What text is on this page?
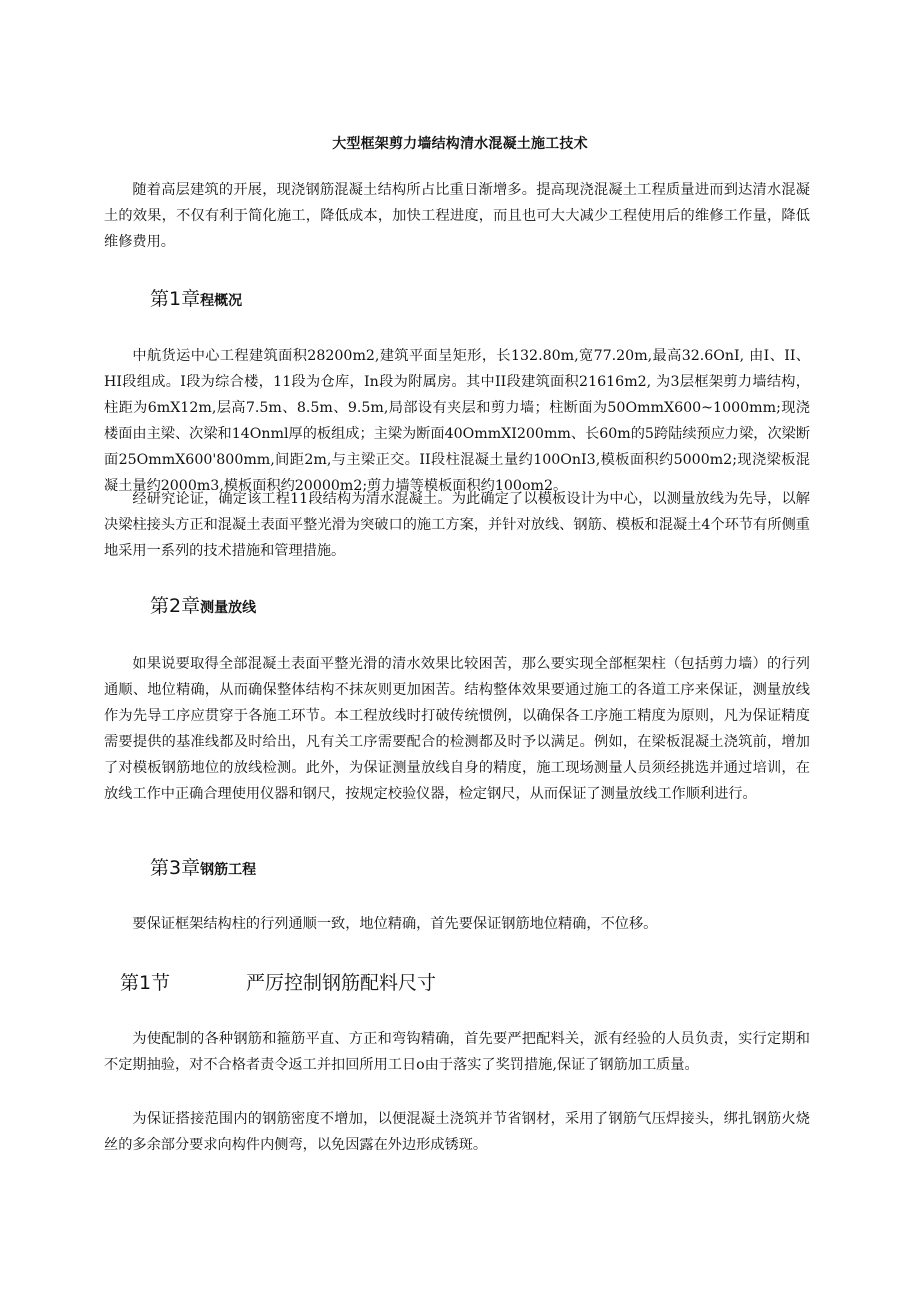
大型框架剪力墙结构清水混凝土施工技术

随着高层建筑的开展，现浇钢筋混凝土结构所占比重日渐增多。提高现浇混凝土工程质量进而到达清水混凝土的效果，不仅有利于简化施工，降低成本，加快工程进度，而且也可大大减少工程使用后的维修工作量，降低维修费用。

第1章程概况

中航货运中心工程建筑面积28200m2,建筑平面呈矩形，长132.80m,宽77.20m,最高32.6OnI, 由I、II、HI段组成。I段为综合楼，11段为仓库，In段为附属房。其中II段建筑面积21616m2, 为3层框架剪力墙结构，柱距为6mX12m,层高7.5m、8.5m、9.5m,局部设有夹层和剪力墙；柱断面为50OmmX600~1000mm;现浇楼面由主梁、次梁和14Onml厚的板组成；主梁为断面40OmmXI200mm、长60m的5跨陆续预应力梁，次梁断面25OmmX600'800mm,间距2m,与主梁正交。II段柱混凝土量约100OnI3,模板面积约5000m2;现浇梁板混凝土量约2000m3,模板面积约20000m2;剪力墙等模板面积约100om2。

经研究论证，确定该工程11段结构为清水混凝土。为此确定了以模板设计为中心，以测量放线为先导，以解决梁柱接头方正和混凝土表面平整光滑为突破口的施工方案，并针对放线、钢筋、模板和混凝土4个环节有所侧重地采用一系列的技术措施和管理措施。

第2章测量放线

如果说要取得全部混凝土表面平整光滑的清水效果比较困苦，那么要实现全部框架柱（包括剪力墙）的行列通顺、地位精确，从而确保整体结构不抹灰则更加困苦。结构整体效果要通过施工的各道工序来保证，测量放线作为先导工序应贯穿于各施工环节。本工程放线时打破传统惯例，以确保各工序施工精度为原则，凡为保证精度需要提供的基准线都及时给出，凡有关工序需要配合的检测都及时予以满足。例如，在梁板混凝土浇筑前，增加了对模板钢筋地位的放线检测。此外，为保证测量放线自身的精度，施工现场测量人员须经挑选并通过培训，在放线工作中正确合理使用仪器和钢尺，按规定校验仪器，检定钢尺，从而保证了测量放线工作顺利进行。

第3章钢筋工程

要保证框架结构柱的行列通顺一致，地位精确，首先要保证钢筋地位精确，不位移。

第1节	严厉控制钢筋配料尺寸

为使配制的各种钢筋和箍筋平直、方正和弯钩精确，首先要严把配料关，派有经验的人员负责，实行定期和不定期抽验，对不合格者责令返工并扣回所用工日o由于落实了奖罚措施,保证了钢筋加工质量。

为保证搭接范围内的钢筋密度不增加，以便混凝土浇筑并节省钢材，采用了钢筋气压焊接头，绑扎钢筋火烧丝的多余部分要求向构件内侧弯，以免因露在外边形成锈斑。
